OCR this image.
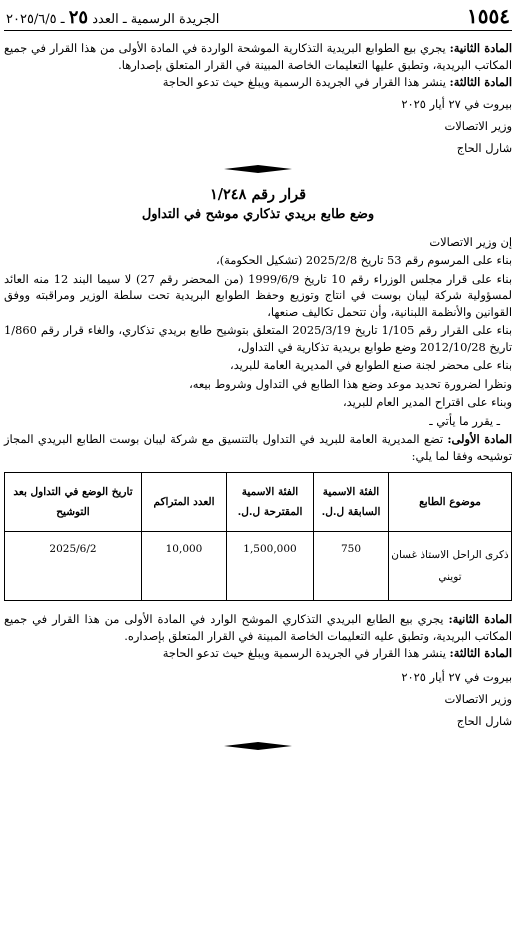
١٥٥٤
الجريدة الرسمية ـ العدد ٢٥ ـ ٢٠٢٥/٦/٥

المادة الثانية: يجري بيع الطوابع البريدية التذكارية الموشحة الواردة في المادة الأولى من هذا القرار في جميع المكاتب البريدية، وتطبق عليها التعليمات الخاصة المبينة في القرار المتعلق بإصدارها.

المادة الثالثة: ينشر هذا القرار في الجريدة الرسمية ويبلغ حيث تدعو الحاجة

بيروت في ٢٧ أيار ٢٠٢٥
وزير الاتصالات
شارل الحاج
قرار رقم ١/٢٤٨
وضع طابع بريدي تذكاري موشح في التداول

إن وزير الاتصالات

بناء على المرسوم رقم 53 تاريخ 2025/2/8 (تشكيل الحكومة)،

بناء على قرار مجلس الوزراء رقم 10 تاريخ 1999/6/9 (من المحضر رقم 27) لا سيما البند 12 منه العائد لمسؤولية شركة ليبان بوست في انتاج وتوزيع وحفظ الطوابع البريدية تحت سلطة الوزير ومراقبته ووفق القوانين والأنظمة اللبنانية، وأن تتحمل تكاليف صنعها،

بناء على القرار رقم 1/105 تاريخ 2025/3/19 المتعلق بتوشيح طابع بريدي تذكاري، والغاء قرار رقم 1/860 تاريخ 2012/10/28 وضع طوابع بريدية تذكارية في التداول،

بناء على محضر لجنة صنع الطوابع في المديرية العامة للبريد،

ونظرا لضرورة تحديد موعد وضع هذا الطابع في التداول وشروط بيعه،

وبناء على اقتراح المدير العام للبريد،

ـ يقرر ما يأتي ـ

المادة الأولى: تضع المديرية العامة للبريد في التداول بالتنسيق مع شركة ليبان بوست الطابع البريدي المجاز توشيحه وفقا لما يلي:

موضوع الطابع	الفئة الاسمية السابقة ل.ل.	الفئة الاسمية المقترحة ل.ل.	العدد المتراكم	تاريخ الوضع في التداول بعد التوشيح
ذكرى الراحل الاستاذ غسان تويني	750	1,500,000	10,000	2025/6/2

المادة الثانية: يجري بيع الطابع البريدي التذكاري الموشح الوارد في المادة الأولى من هذا القرار في جميع المكاتب البريدية، وتطبق عليه التعليمات الخاصة المبينة في القرار المتعلق بإصداره.

المادة الثالثة: ينشر هذا القرار في الجريدة الرسمية ويبلغ حيث تدعو الحاجة

بيروت في ٢٧ أيار ٢٠٢٥
وزير الاتصالات
شارل الحاج
